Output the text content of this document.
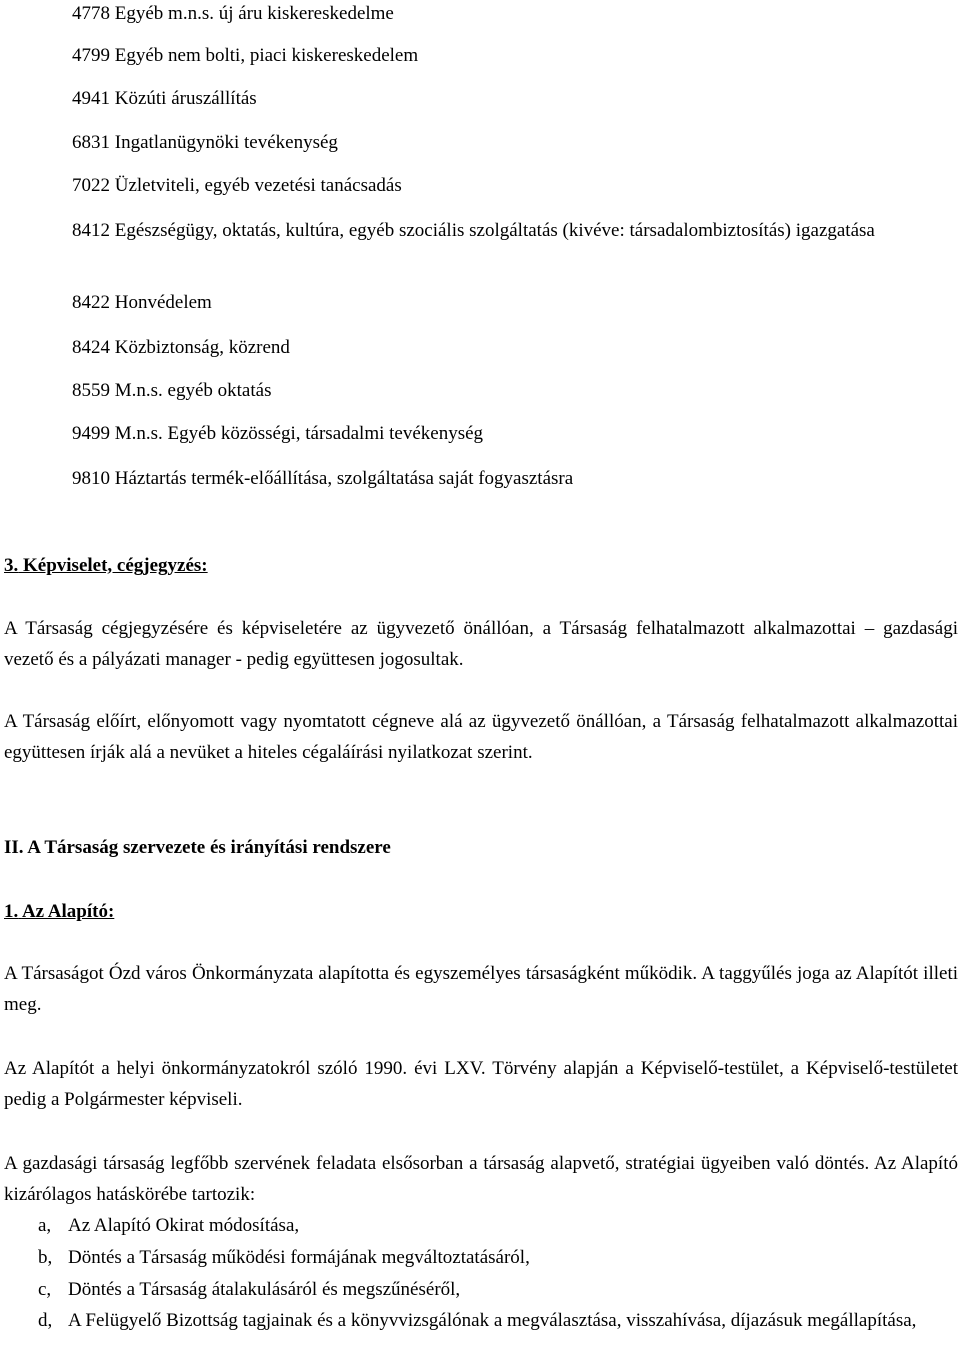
4778 Egyéb m.n.s. új áru kiskereskedelme
4799 Egyéb nem bolti, piaci kiskereskedelem
4941 Közúti áruszállítás
6831 Ingatlanügynöki tevékenység
7022 Üzletviteli, egyéb vezetési tanácsadás
8412 Egészségügy, oktatás, kultúra, egyéb szociális szolgáltatás (kivéve: társadalombiztosítás) igazgatása
8422 Honvédelem
8424 Közbiztonság, közrend
8559 M.n.s. egyéb oktatás
9499 M.n.s. Egyéb közösségi, társadalmi tevékenység
9810 Háztartás termék-előállítása, szolgáltatása saját fogyasztásra
3. Képviselet, cégjegyzés:
A Társaság cégjegyzésére és képviseletére az ügyvezető önállóan, a Társaság felhatalmazott alkalmazottai – gazdasági vezető és a pályázati manager - pedig együttesen jogosultak.
A Társaság előírt, előnyomott vagy nyomtatott cégneve alá az ügyvezető önállóan, a Társaság felhatalmazott alkalmazottai együttesen írják alá a nevüket a hiteles cégaláírási nyilatkozat szerint.
II. A Társaság szervezete és irányítási rendszere
1. Az Alapító:
A Társaságot Ózd város Önkormányzata alapította és egyszemélyes társaságként működik. A taggyűlés joga az Alapítót illeti meg.
Az Alapítót a helyi önkormányzatokról szóló 1990. évi LXV. Törvény alapján a Képviselő-testület, a Képviselő-testületet pedig a Polgármester képviseli.
A gazdasági társaság legfőbb szervének feladata elsősorban a társaság alapvető, stratégiai ügyeiben való döntés. Az Alapító kizárólagos hatáskörébe tartozik:
a, Az Alapító Okirat módosítása,
b, Döntés a Társaság működési formájának megváltoztatásáról,
c, Döntés a Társaság átalakulásáról és megszűnéséről,
d, A Felügyelő Bizottság tagjainak és a könyvvizsgálónak a megválasztása, visszahívása, díjazásuk megállapítása,
